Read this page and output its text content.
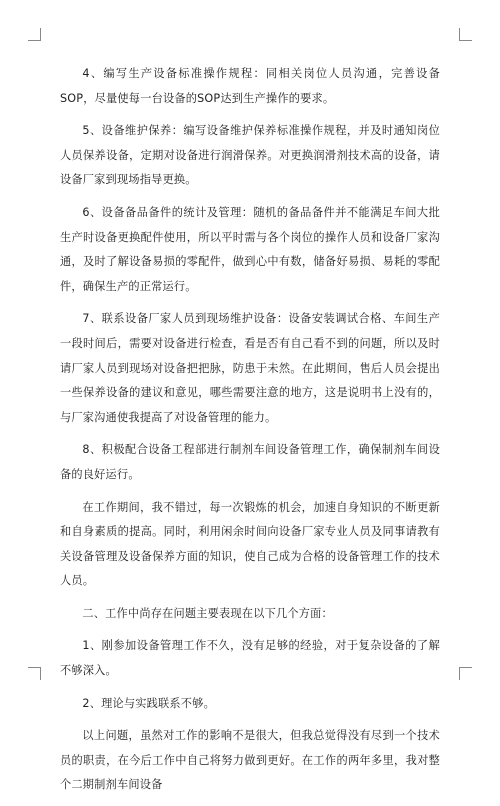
4、编写生产设备标准操作规程：同相关岗位人员沟通，完善设备SOP，尽量使每一台设备的SOP达到生产操作的要求。

5、设备维护保养：编写设备维护保养标准操作规程，并及时通知岗位人员保养设备，定期对设备进行润滑保养。对更换润滑剂技术高的设备，请设备厂家到现场指导更换。

6、设备备品备件的统计及管理：随机的备品备件并不能满足车间大批生产时设备更换配件使用，所以平时需与各个岗位的操作人员和设备厂家沟通，及时了解设备易损的零配件，做到心中有数，储备好易损、易耗的零配件，确保生产的正常运行。

7、联系设备厂家人员到现场维护设备：设备安装调试合格、车间生产一段时间后，需要对设备进行检查，看是否有自己看不到的问题，所以及时请厂家人员到现场对设备把把脉，防患于未然。在此期间，售后人员会提出一些保养设备的建议和意见，哪些需要注意的地方，这是说明书上没有的，与厂家沟通使我提高了对设备管理的能力。

8、积极配合设备工程部进行制剂车间设备管理工作，确保制剂车间设备的良好运行。

在工作期间，我不错过，每一次锻炼的机会，加速自身知识的不断更新和自身素质的提高。同时，利用闲余时间向设备厂家专业人员及同事请教有关设备管理及设备保养方面的知识，使自己成为合格的设备管理工作的技术人员。

二、工作中尚存在问题主要表现在以下几个方面：

1、刚参加设备管理工作不久，没有足够的经验，对于复杂设备的了解不够深入。

2、理论与实践联系不够。

以上问题，虽然对工作的影响不是很大，但我总觉得没有尽到一个技术员的职责，在今后工作中自己将努力做到更好。在工作的两年多里，我对整个二期制剂车间设备
